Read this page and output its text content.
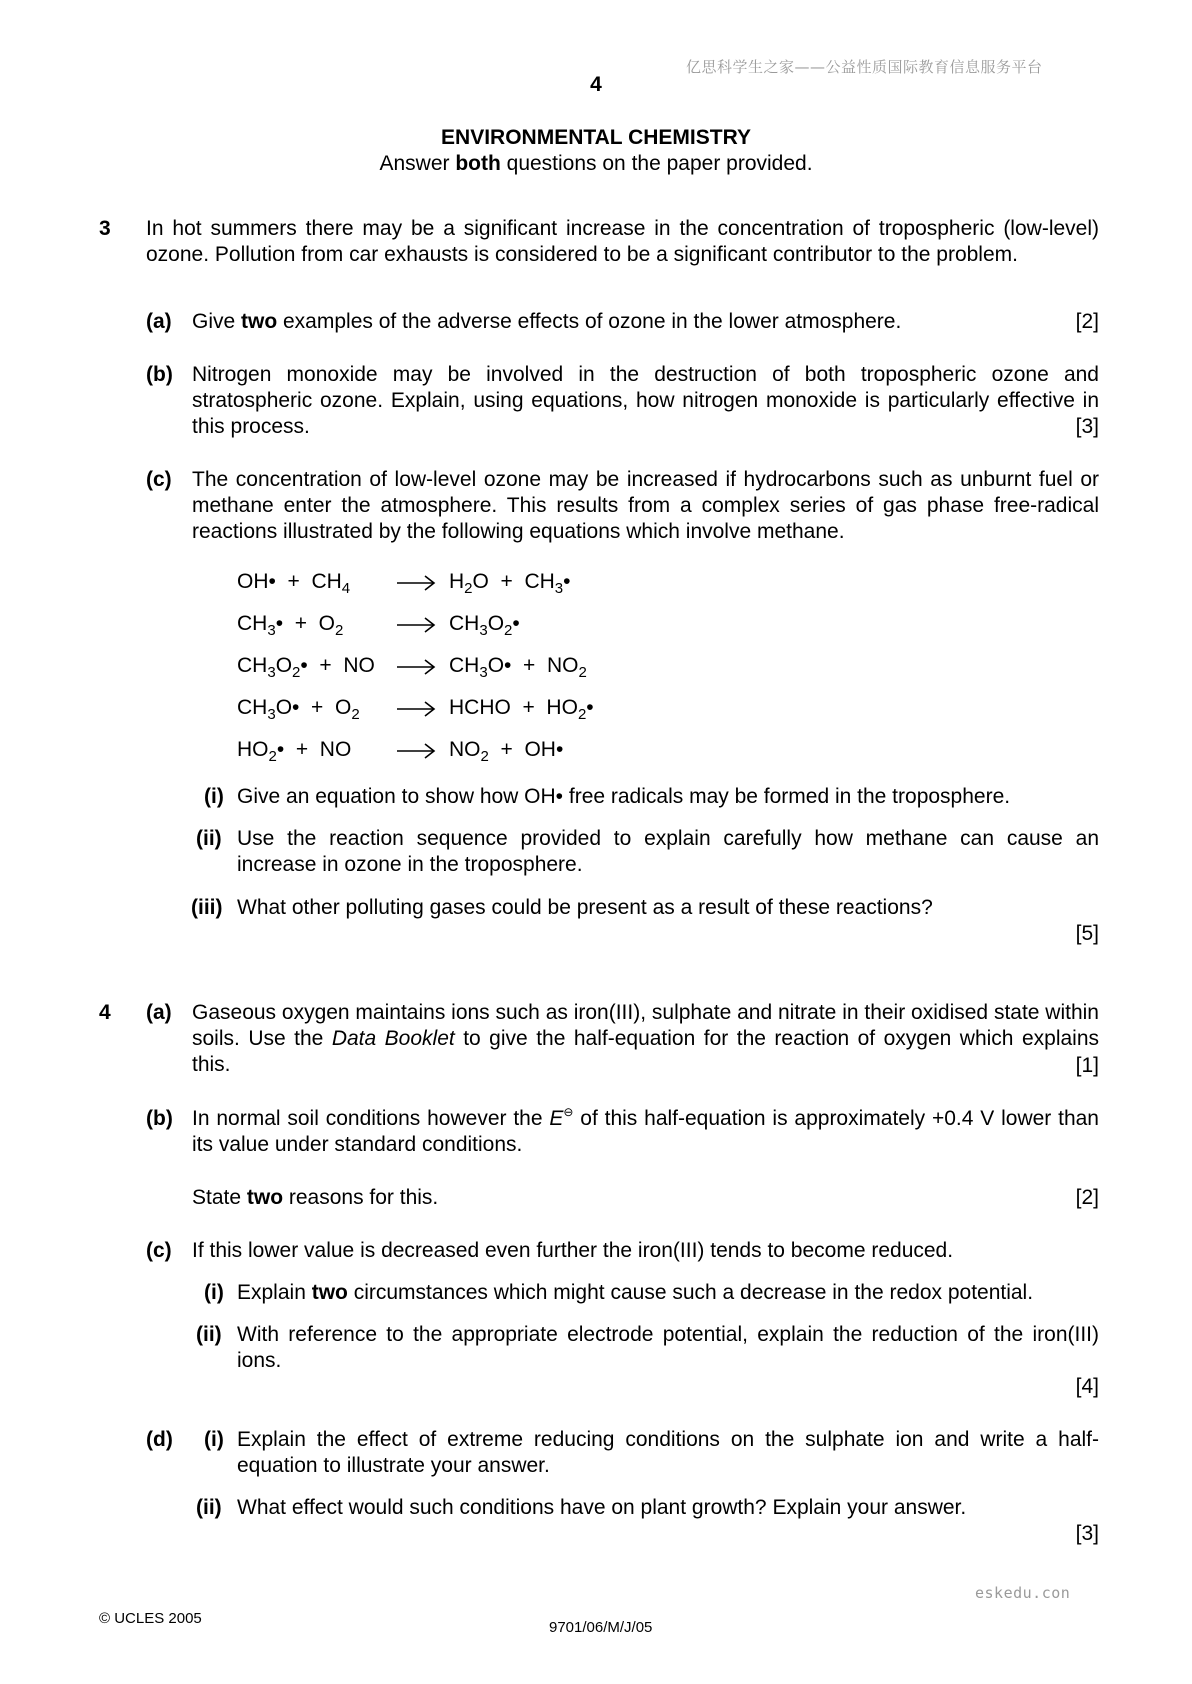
亿思科学生之家——公益性质国际教育信息服务平台
4
ENVIRONMENTAL CHEMISTRY
Answer both questions on the paper provided.
3 In hot summers there may be a significant increase in the concentration of tropospheric (low-level) ozone. Pollution from car exhausts is considered to be a significant contributor to the problem.
(a) Give two examples of the adverse effects of ozone in the lower atmosphere.	[2]
(b) Nitrogen monoxide may be involved in the destruction of both tropospheric ozone and stratospheric ozone. Explain, using equations, how nitrogen monoxide is particularly effective in this process.	[3]
(c) The concentration of low-level ozone may be increased if hydrocarbons such as unburnt fuel or methane enter the atmosphere. This results from a complex series of gas phase free-radical reactions illustrated by the following equations which involve methane.
OH•  +  $CH_4 \to H_2O$  +  $CH_3•$
$CH_3• + O_2$	→ $CH_3O_2•$
$CH_3O_2•$  +  NO → $CH_3O• + NO_2$
$CH_3O• + O_2$ → HCHO  +  $HO_2•$
$HO_2•$  +  NO → $NO_2$  +  OH•
(i) Give an equation to show how OH• free radicals may be formed in the troposphere.
(ii) Use the reaction sequence provided to explain carefully how methane can cause an increase in ozone in the troposphere.
(iii) What other polluting gases could be present as a result of these reactions?
[5]
4 (a) Gaseous oxygen maintains ions such as iron(III), sulphate and nitrate in their oxidised state within soils. Use the Data Booklet to give the half-equation for the reaction of oxygen which explains this.	[1]
(b) In normal soil conditions however the E⊖ of this half-equation is approximately +0.4 V lower than its value under standard conditions.
State two reasons for this.	[2]
(c) If this lower value is decreased even further the iron(III) tends to become reduced.
(i) Explain two circumstances which might cause such a decrease in the redox potential.
(ii) With reference to the appropriate electrode potential, explain the reduction of the iron(III) ions.
[4]
(d) (i) Explain the effect of extreme reducing conditions on the sulphate ion and write a half-equation to illustrate your answer.
(ii) What effect would such conditions have on plant growth? Explain your answer.
[3]
eskedu.con
© UCLES 2005
9701/06/M/J/05
